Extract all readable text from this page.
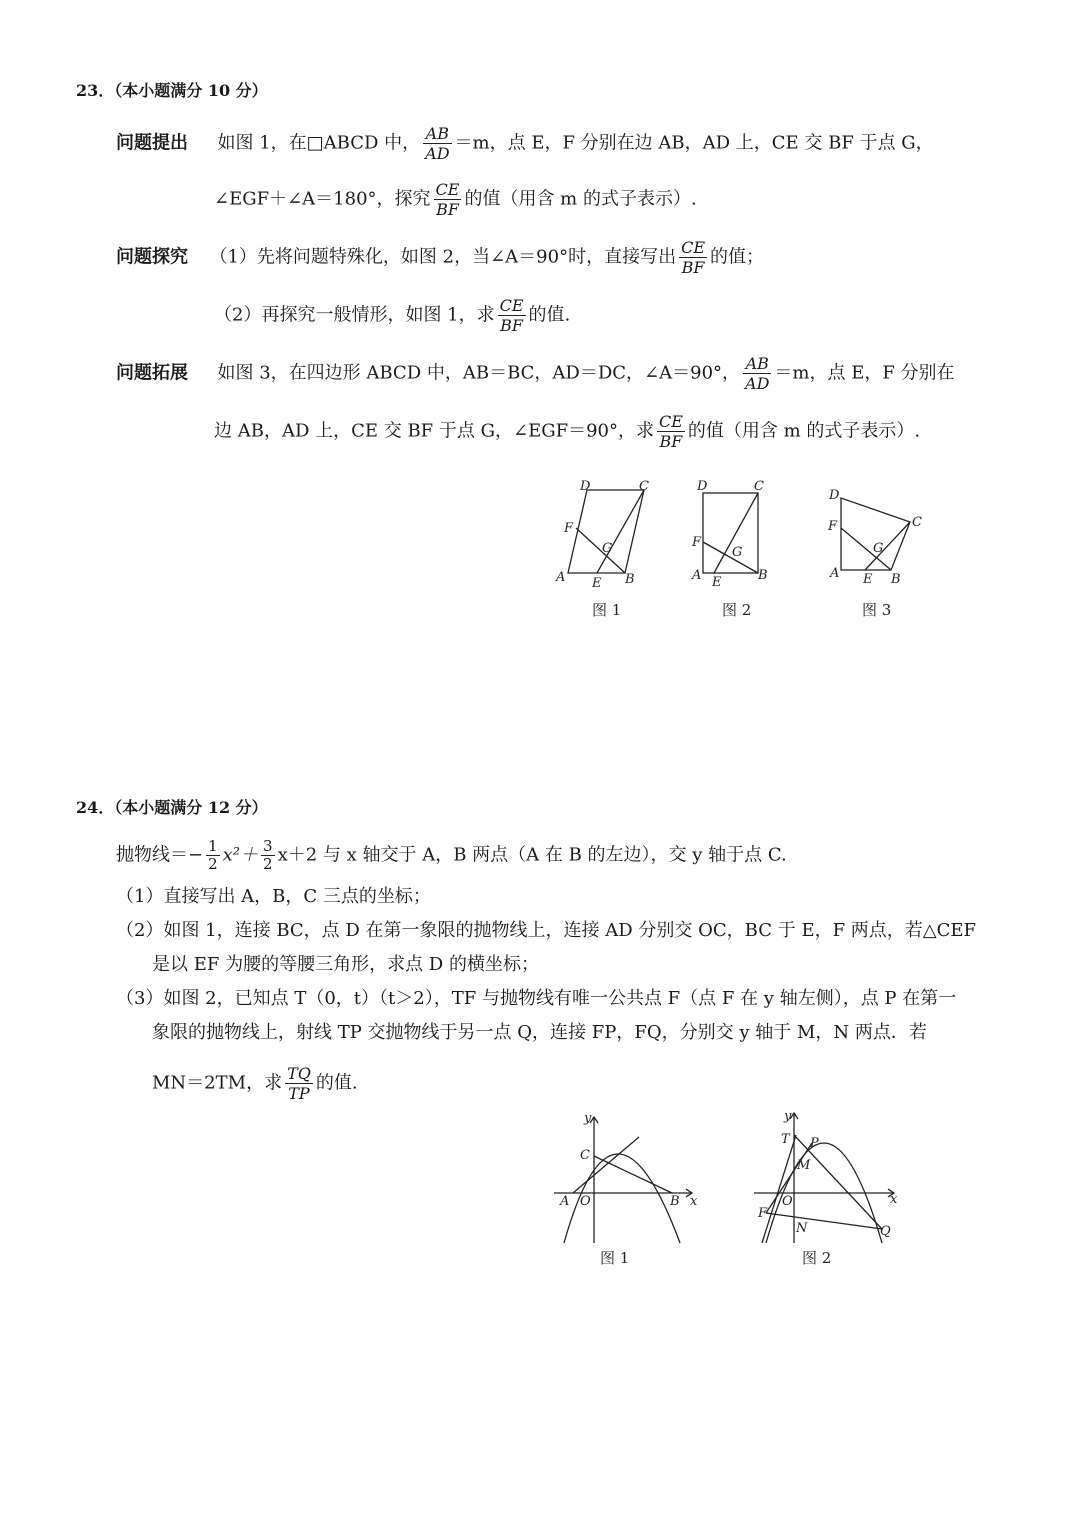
23．（本小题满分 10 分）
问题提出 如图 1，在□ABCD 中， $\frac{AB}{AD} =m$，点 E，F 分别在边 AB，AD 上，CE 交 BF 于点 G，
∠EGF＋∠A＝180°，探究 $\frac{CE}{BF}$ 的值（用含 m 的式子表示）.
问题探究 （1）先将问题特殊化，如图 2，当∠A＝90°时，直接写出 $\frac{CE}{BF}$ 的值；
（2）再探究一般情形，如图 1，求 $\frac{CE}{BF}$ 的值.
问题拓展 如图 3，在四边形 ABCD 中，AB＝BC，AD＝DC，∠A＝90°， $\frac{AB}{AD} =m$，点 E，F 分别在
边 AB，AD 上，CE 交 BF 于点 G，∠EGF＝90°，求 $\frac{CE}{BF}$ 的值（用含 m 的式子表示）.
D	C
F
G
A E B
图 1
D	C
F
G
A E	B
图 2
D
C
F
G
A E B
图 3
24．（本小题满分 12 分）
抛物线＝− $\frac{1}{2} x^2+ \frac{3}{2} x+2$ 与 x 轴交于 A，B 两点（A 在 B 的左边），交 y 轴于点 C.
（1）直接写出 A，B，C 三点的坐标；
（2）如图 1，连接 BC，点 D 在第一象限的抛物线上，连接 AD 分别交 OC，BC 于 E，F 两点，若△CEF
是以 EF 为腰的等腰三角形，求点 D 的横坐标；
（3）如图 2，已知点 T（0，t）（t＞2），TF 与抛物线有唯一公共点 F（点 F 在 y 轴左侧），点 P 在第一
象限的抛物线上，射线 TP 交抛物线于另一点 Q，连接 FP，FQ，分别交 y 轴于 M，N 两点．若
MN＝2TM，求 $\frac{TQ}{TP}$ 的值.
y
C
A O	B x
图 1
y
T P
M
O	x
F
N	Q
图 2
